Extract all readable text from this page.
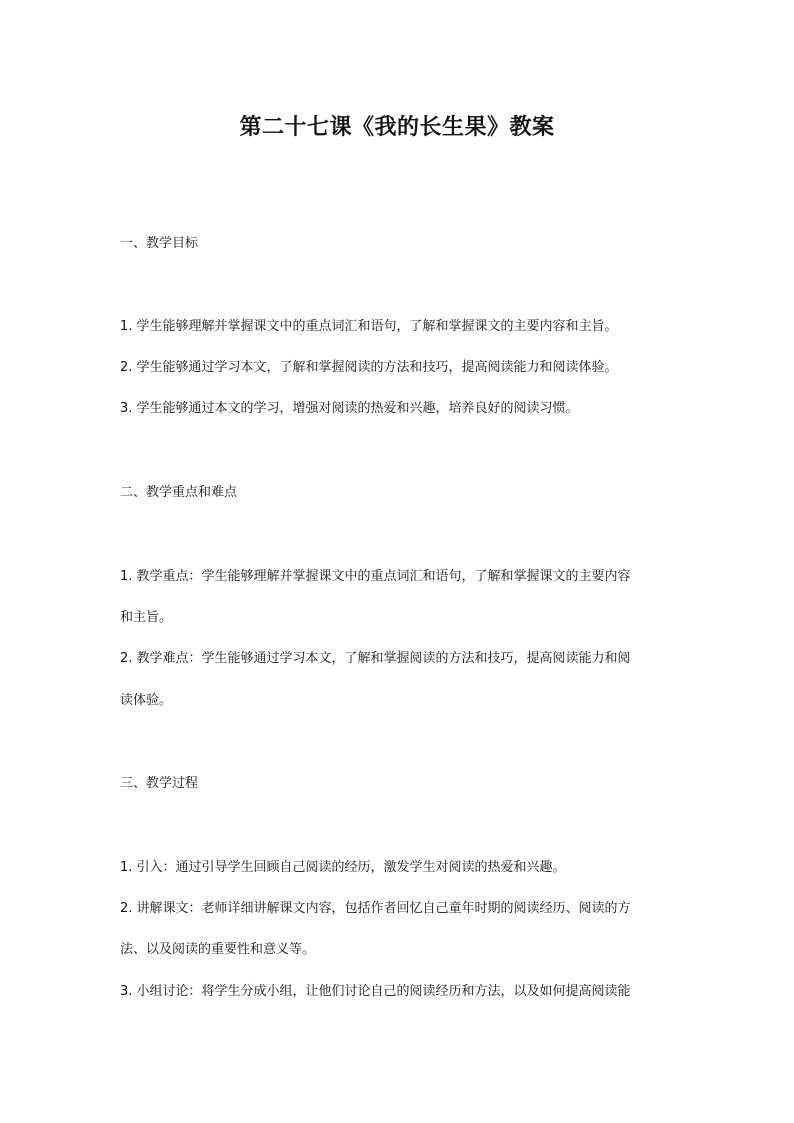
第二十七课《我的长生果》教案
一、教学目标
1. 学生能够理解并掌握课文中的重点词汇和语句，了解和掌握课文的主要内容和主旨。
2. 学生能够通过学习本文，了解和掌握阅读的方法和技巧，提高阅读能力和阅读体验。
3. 学生能够通过本文的学习，增强对阅读的热爱和兴趣，培养良好的阅读习惯。
二、教学重点和难点
1. 教学重点：学生能够理解并掌握课文中的重点词汇和语句，了解和掌握课文的主要内容
和主旨。
2. 教学难点：学生能够通过学习本文，了解和掌握阅读的方法和技巧，提高阅读能力和阅
读体验。
三、教学过程
1. 引入：通过引导学生回顾自己阅读的经历，激发学生对阅读的热爱和兴趣。
2. 讲解课文：老师详细讲解课文内容，包括作者回忆自己童年时期的阅读经历、阅读的方
法、以及阅读的重要性和意义等。
3. 小组讨论：将学生分成小组，让他们讨论自己的阅读经历和方法，以及如何提高阅读能
